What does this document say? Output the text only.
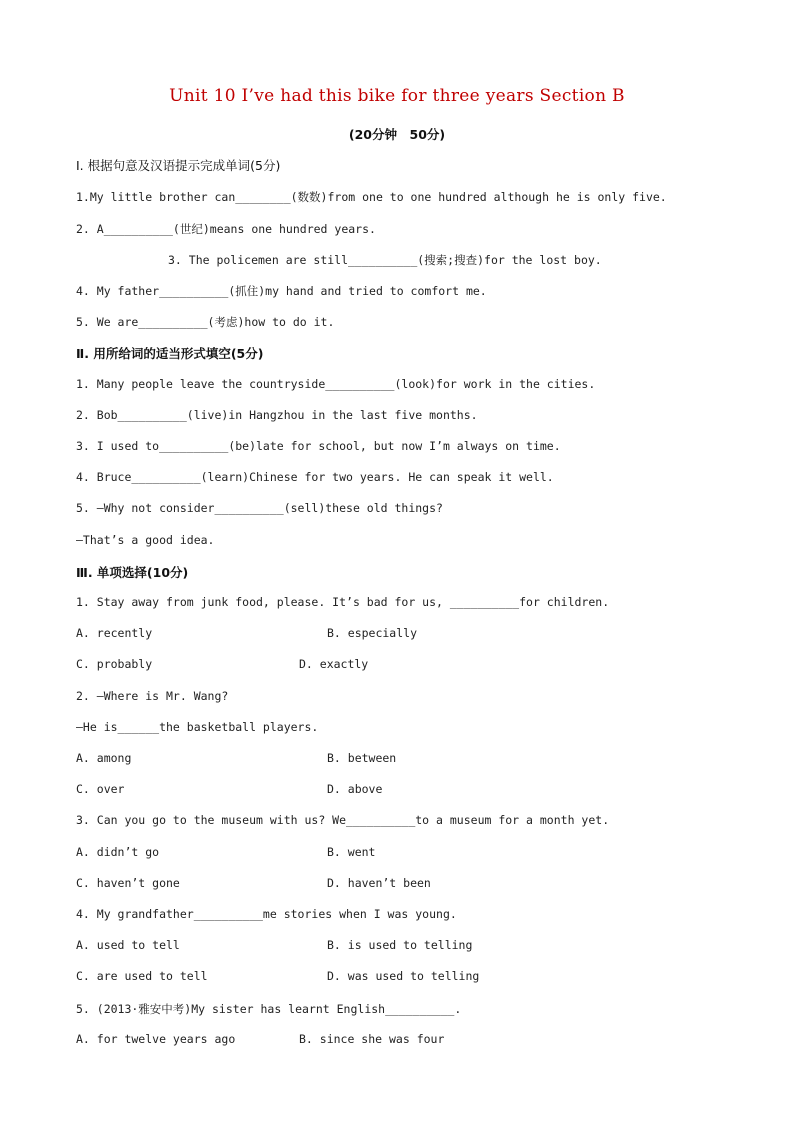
Unit 10 I’ve had this bike for three years Section B
(20分钟　50分)
Ⅰ. 根据句意及汉语提示完成单词(5分)
1.My little brother can________(数数)from one to one hundred although he is only five.
2. A__________(世纪)means one hundred years.
3. The policemen are still__________(搜索;搜查)for the lost boy.
4. My father__________(抓住)my hand and tried to comfort me.
5. We are__________(考虑)how to do it.
Ⅱ. 用所给词的适当形式填空(5分)
1. Many people leave the countryside__________(look)for work in the cities.
2. Bob__________(live)in Hangzhou in the last five months.
3. I used to__________(be)late for school, but now I’m always on time.
4. Bruce__________(learn)Chinese for two years. He can speak it well.
5. —Why not consider__________(sell)these old things?
—That’s a good idea.
Ⅲ. 单项选择(10分)
1. Stay away from junk food, please. It’s bad for us, __________for children.
A. recently	B. especially
C. probably	D. exactly
2. —Where is Mr. Wang?
—He is______the basketball players.
A. among	B. between
C. over	D. above
3. Can you go to the museum with us? We__________to a museum for a month yet.
A. didn’t go	B. went
C. haven’t gone	D. haven’t been
4. My grandfather__________me stories when I was young.
A. used to tell	B. is used to telling
C. are used to tell	D. was used to telling
5. (2013·雅安中考)My sister has learnt English__________.
A. for twelve years ago	B. since she was four
